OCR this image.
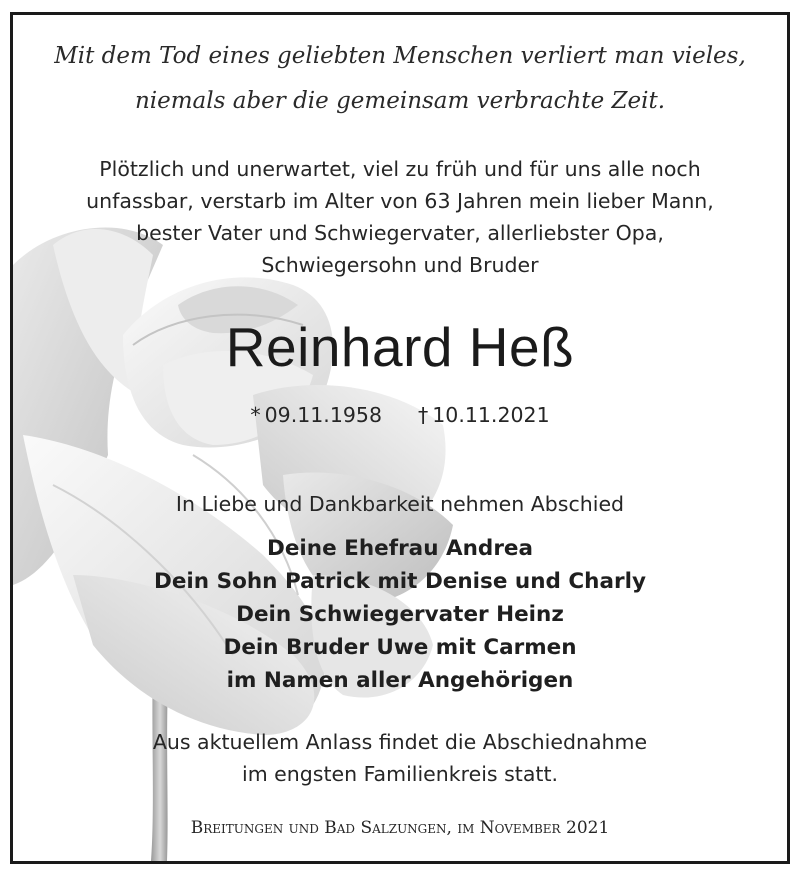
Mit dem Tod eines geliebten Menschen verliert man vieles,
niemals aber die gemeinsam verbrachte Zeit.
Plötzlich und unerwartet, viel zu früh und für uns alle noch
unfassbar, verstarb im Alter von 63 Jahren mein lieber Mann,
bester Vater und Schwiegervater, allerliebster Opa,
Schwiegersohn und Bruder
Reinhard Heß
* 09.11.1958 † 10.11.2021
In Liebe und Dankbarkeit nehmen Abschied
Deine Ehefrau Andrea
Dein Sohn Patrick mit Denise und Charly
Dein Schwiegervater Heinz
Dein Bruder Uwe mit Carmen
im Namen aller Angehörigen
Aus aktuellem Anlass findet die Abschiednahme
im engsten Familienkreis statt.
Breitungen und Bad Salzungen, im November 2021
